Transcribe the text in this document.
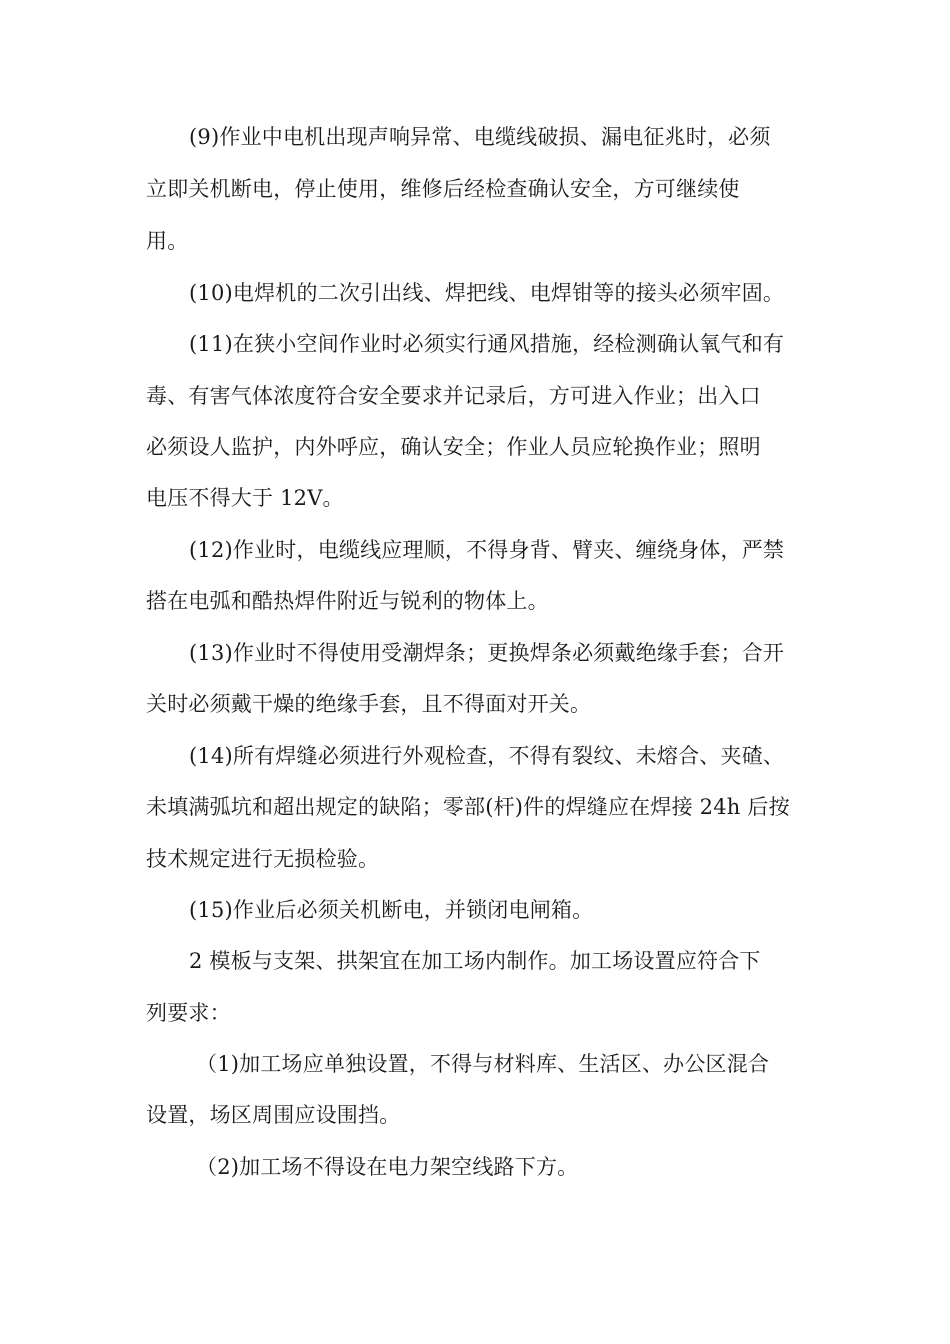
(9)作业中电机出现声响异常、电缆线破损、漏电征兆时，必须
立即关机断电，停止使用，维修后经检查确认安全，方可继续使
用。
(10)电焊机的二次引出线、焊把线、电焊钳等的接头必须牢固。
(11)在狭小空间作业时必须实行通风措施，经检测确认氧气和有
毒、有害气体浓度符合安全要求并记录后，方可进入作业；出入口
必须设人监护，内外呼应，确认安全；作业人员应轮换作业；照明
电压不得大于 12V。
(12)作业时，电缆线应理顺，不得身背、臂夹、缠绕身体，严禁
搭在电弧和酷热焊件附近与锐利的物体上。
(13)作业时不得使用受潮焊条；更换焊条必须戴绝缘手套；合开
关时必须戴干燥的绝缘手套，且不得面对开关。
(14)所有焊缝必须进行外观检查，不得有裂纹、未熔合、夹碴、
未填满弧坑和超出规定的缺陷；零部(杆)件的焊缝应在焊接 24h 后按
技术规定进行无损检验。
(15)作业后必须关机断电，并锁闭电闸箱。
2 模板与支架、拱架宜在加工场内制作。加工场设置应符合下
列要求：
（1)加工场应单独设置，不得与材料库、生活区、办公区混合
设置，场区周围应设围挡。
（2)加工场不得设在电力架空线路下方。
